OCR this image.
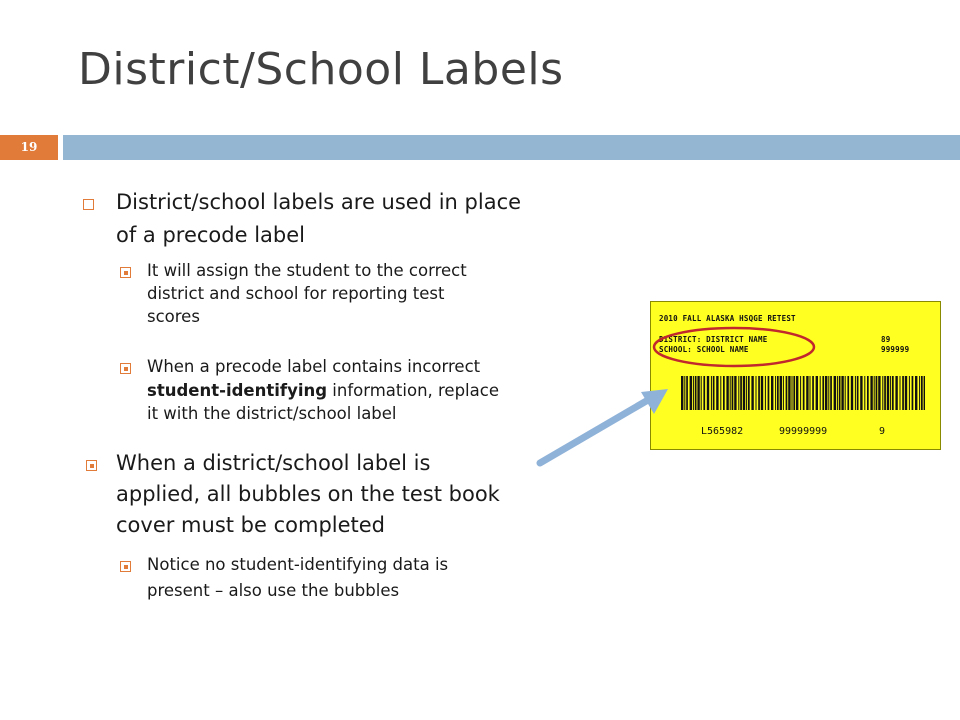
District/School Labels
19
District/school labels are used in place
of a precode label
It will assign the student to the correct
district and school for reporting test
scores
When a precode label contains incorrect
student-identifying information, replace
it with the district/school label
When a district/school label is
applied, all bubbles on the test book
cover must be completed
Notice no student-identifying data is
present – also use the bubbles
2010 FALL ALASKA HSQGE RETEST
DISTRICT: DISTRICT NAME	89
SCHOOL: SCHOOL NAME	999999
L565982	99999999	9
